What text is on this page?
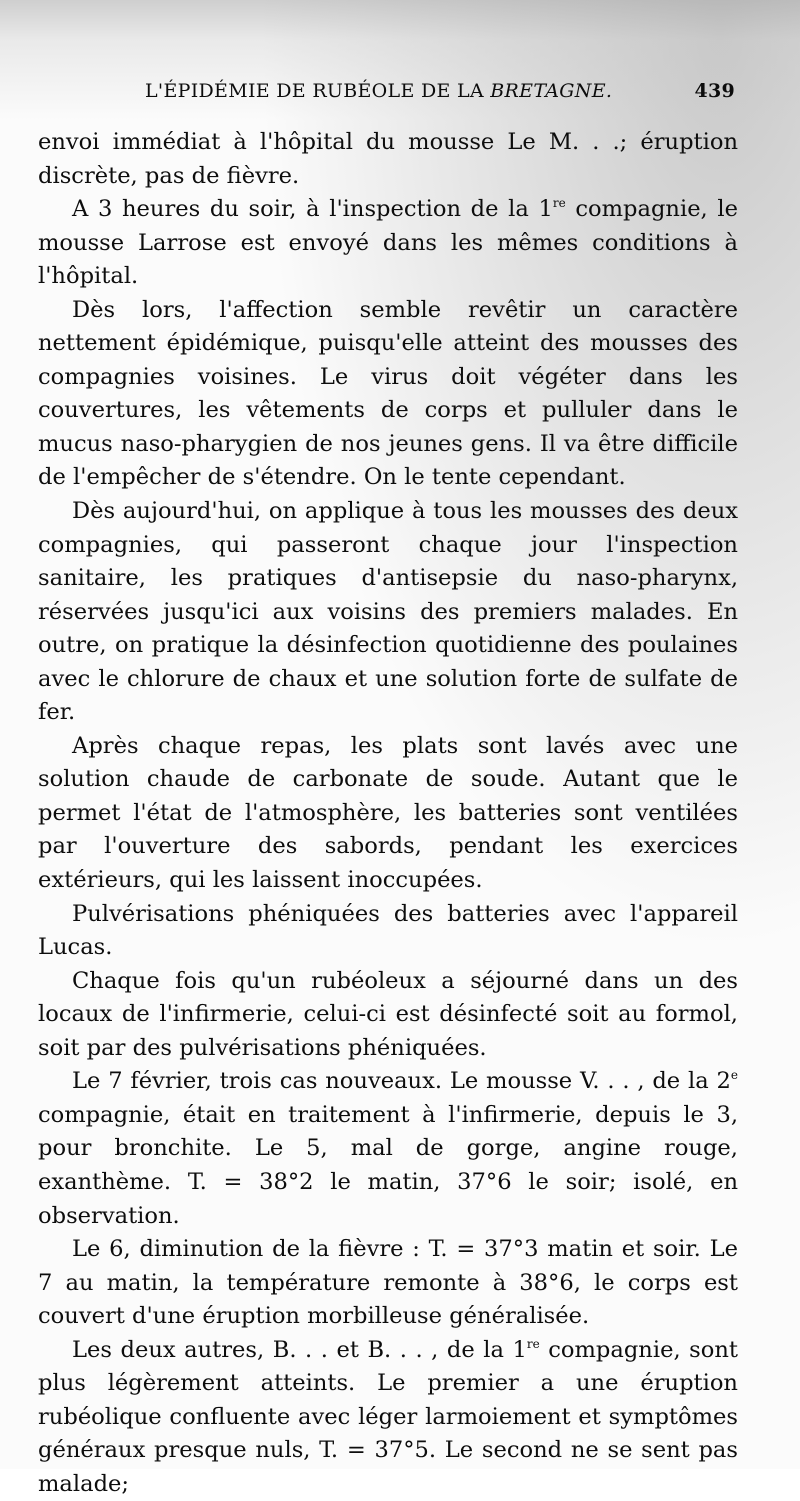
L'ÉPIDÉMIE DE RUBÉOLE DE LA BRETAGNE.	439

envoi immédiat à l'hôpital du mousse Le M. . .; éruption discrète, pas de fièvre.

A 3 heures du soir, à l'inspection de la 1re compagnie, le mousse Larrose est envoyé dans les mêmes conditions à l'hôpital.

Dès lors, l'affection semble revêtir un caractère nettement épidémique, puisqu'elle atteint des mousses des compagnies voisines. Le virus doit végéter dans les couvertures, les vêtements de corps et pulluler dans le mucus naso-pharygien de nos jeunes gens. Il va être difficile de l'empêcher de s'étendre. On le tente cependant.

Dès aujourd'hui, on applique à tous les mousses des deux compagnies, qui passeront chaque jour l'inspection sanitaire, les pratiques d'antisepsie du naso-pharynx, réservées jusqu'ici aux voisins des premiers malades. En outre, on pratique la désinfection quotidienne des poulaines avec le chlorure de chaux et une solution forte de sulfate de fer.

Après chaque repas, les plats sont lavés avec une solution chaude de carbonate de soude. Autant que le permet l'état de l'atmosphère, les batteries sont ventilées par l'ouverture des sabords, pendant les exercices extérieurs, qui les laissent inoccupées.

Pulvérisations phéniquées des batteries avec l'appareil Lucas.

Chaque fois qu'un rubéoleux a séjourné dans un des locaux de l'infirmerie, celui-ci est désinfecté soit au formol, soit par des pulvérisations phéniquées.

Le 7 février, trois cas nouveaux. Le mousse V. . . , de la 2e compagnie, était en traitement à l'infirmerie, depuis le 3, pour bronchite. Le 5, mal de gorge, angine rouge, exanthème. T. = 38°2 le matin, 37°6 le soir; isolé, en observation.

Le 6, diminution de la fièvre : T. = 37°3 matin et soir. Le 7 au matin, la température remonte à 38°6, le corps est couvert d'une éruption morbilleuse généralisée.

Les deux autres, B. . . et B. . . , de la 1re compagnie, sont plus légèrement atteints. Le premier a une éruption rubéolique confluente avec léger larmoiement et symptômes généraux presque nuls, T. = 37°5. Le second ne se sent pas malade;
